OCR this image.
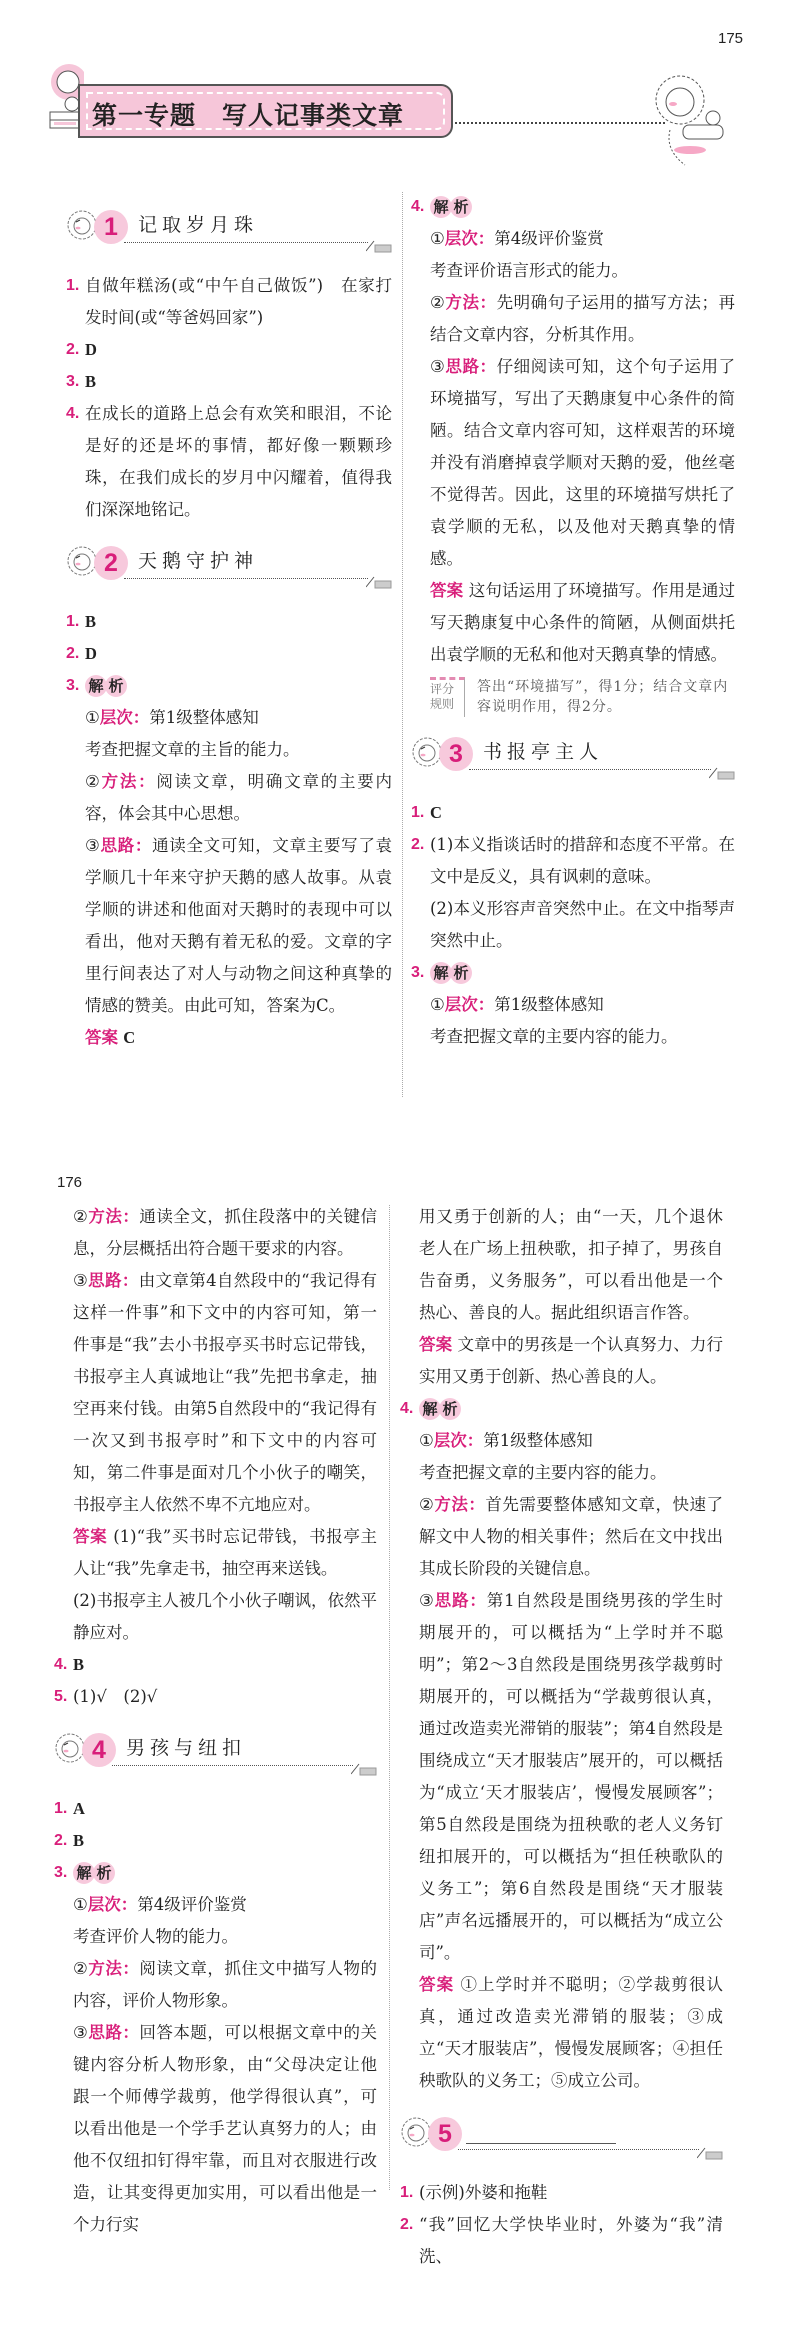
175
第一专题　写人记事类文章
1	记取岁月珠
1. 自做年糕汤(或“中午自己做饭”)　在家打发时间(或“等爸妈回家”)
2. D
3. B
4. 在成长的道路上总会有欢笑和眼泪，不论是好的还是坏的事情，都好像一颗颗珍珠，在我们成长的岁月中闪耀着，值得我们深深地铭记。
2	天鹅守护神
1. B
2. D
3. 解 析
①层次：第1级整体感知
考查把握文章的主旨的能力。
②方法：阅读文章，明确文章的主要内容，体会其中心思想。
③思路：通读全文可知，文章主要写了袁学顺几十年来守护天鹅的感人故事。从袁学顺的讲述和他面对天鹅时的表现中可以看出，他对天鹅有着无私的爱。文章的字里行间表达了对人与动物之间这种真挚的情感的赞美。由此可知，答案为C。
答案 C
4. 解 析
①层次：第4级评价鉴赏
考查评价语言形式的能力。
②方法：先明确句子运用的描写方法；再结合文章内容，分析其作用。
③思路：仔细阅读可知，这个句子运用了环境描写，写出了天鹅康复中心条件的简陋。结合文章内容可知，这样艰苦的环境并没有消磨掉袁学顺对天鹅的爱，他丝毫不觉得苦。因此，这里的环境描写烘托了袁学顺的无私，以及他对天鹅真挚的情感。
答案 这句话运用了环境描写。作用是通过写天鹅康复中心条件的简陋，从侧面烘托出袁学顺的无私和他对天鹅真挚的情感。
评分规则
答出“环境描写”，得1分；结合文章内容说明作用，得2分。
3	书报亭主人
1. C
2. (1)本义指谈话时的措辞和态度不平常。在文中是反义，具有讽刺的意味。
(2)本义形容声音突然中止。在文中指琴声突然中止。
3. 解 析
①层次：第1级整体感知
考查把握文章的主要内容的能力。
176
②方法：通读全文，抓住段落中的关键信息，分层概括出符合题干要求的内容。
③思路：由文章第4自然段中的“我记得有这样一件事”和下文中的内容可知，第一件事是“我”去小书报亭买书时忘记带钱，书报亭主人真诚地让“我”先把书拿走，抽空再来付钱。由第5自然段中的“我记得有一次又到书报亭时”和下文中的内容可知，第二件事是面对几个小伙子的嘲笑，书报亭主人依然不卑不亢地应对。
答案 (1)“我”买书时忘记带钱，书报亭主人让“我”先拿走书，抽空再来送钱。
(2)书报亭主人被几个小伙子嘲讽，依然平静应对。
4. B
5. (1)√　(2)√
4	男孩与纽扣
1. A
2. B
3. 解 析
①层次：第4级评价鉴赏
考查评价人物的能力。
②方法：阅读文章，抓住文中描写人物的内容，评价人物形象。
③思路：回答本题，可以根据文章中的关键内容分析人物形象，由“父母决定让他跟一个师傅学裁剪，他学得很认真”，可以看出他是一个学手艺认真努力的人；由他不仅纽扣钉得牢靠，而且对衣服进行改造，让其变得更加实用，可以看出他是一个力行实
用又勇于创新的人；由“一天，几个退休老人在广场上扭秧歌，扣子掉了，男孩自告奋勇，义务服务”，可以看出他是一个热心、善良的人。据此组织语言作答。
答案 文章中的男孩是一个认真努力、力行实用又勇于创新、热心善良的人。
4. 解 析
①层次：第1级整体感知
考查把握文章的主要内容的能力。
②方法：首先需要整体感知文章，快速了解文中人物的相关事件；然后在文中找出其成长阶段的关键信息。
③思路：第1自然段是围绕男孩的学生时期展开的，可以概括为“上学时并不聪明”；第2～3自然段是围绕男孩学裁剪时期展开的，可以概括为“学裁剪很认真，通过改造卖光滞销的服装”；第4自然段是围绕成立“天才服装店”展开的，可以概括为“成立‘天才服装店’，慢慢发展顾客”；第5自然段是围绕为扭秧歌的老人义务钉纽扣展开的，可以概括为“担任秧歌队的义务工”；第6自然段是围绕“天才服装店”声名远播展开的，可以概括为“成立公司”。
答案 ①上学时并不聪明；②学裁剪很认真，通过改造卖光滞销的服装；③成立“天才服装店”，慢慢发展顾客；④担任秧歌队的义务工；⑤成立公司。
5
1. (示例)外婆和拖鞋
2. “我”回忆大学快毕业时，外婆为“我”清洗、
